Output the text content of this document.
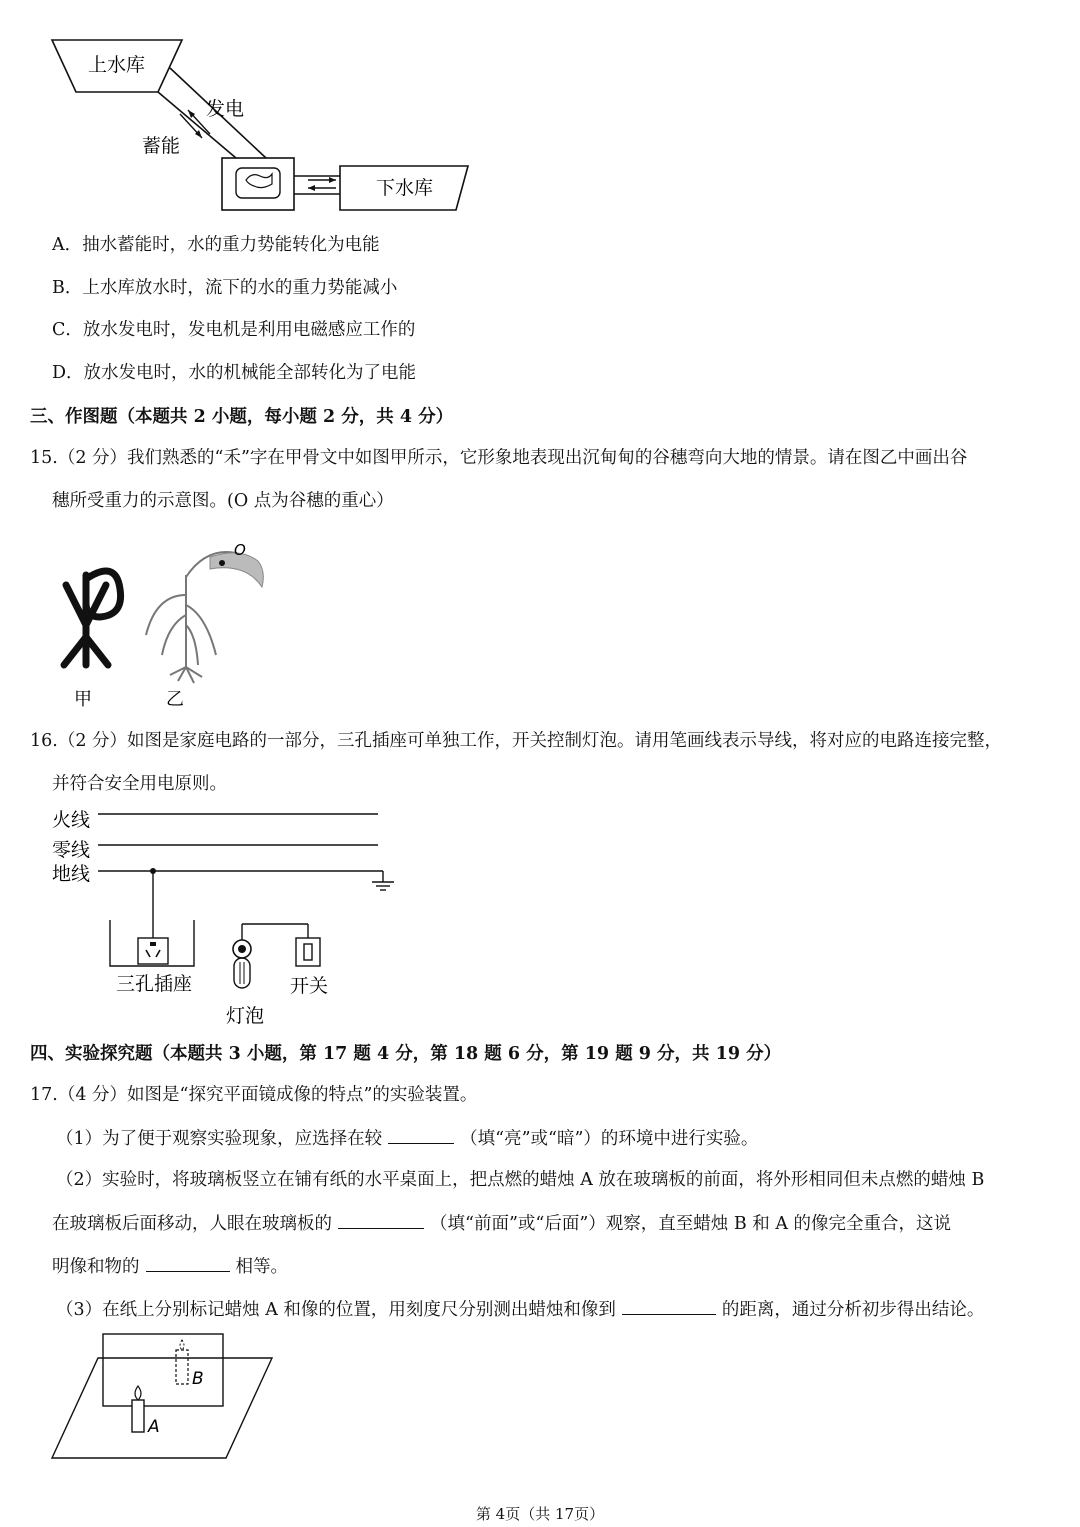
上水库
发电
蓄能
下水库
A．抽水蓄能时，水的重力势能转化为电能
B．上水库放水时，流下的水的重力势能减小
C．放水发电时，发电机是利用电磁感应工作的
D．放水发电时，水的机械能全部转化为了电能
三、作图题（本题共 2 小题，每小题 2 分，共 4 分）
15.（2 分）我们熟悉的“禾”字在甲骨文中如图甲所示，它形象地表现出沉甸甸的谷穗弯向大地的情景。请在图乙中画出谷
穗所受重力的示意图。(O 点为谷穗的重心）
O
甲	乙
16.（2 分）如图是家庭电路的一部分，三孔插座可单独工作，开关控制灯泡。请用笔画线表示导线，将对应的电路连接完整，
并符合安全用电原则。
火线
零线
地线
三孔插座	开关
灯泡
四、实验探究题（本题共 3 小题，第 17 题 4 分，第 18 题 6 分，第 19 题 9 分，共 19 分）
17.（4 分）如图是“探究平面镜成像的特点”的实验装置。
（1）为了便于观察实验现象，应选择在较	（填“亮”或“暗”）的环境中进行实验。
（2）实验时，将玻璃板竖立在铺有纸的水平桌面上，把点燃的蜡烛 A 放在玻璃板的前面，将外形相同但未点燃的蜡烛 B
在玻璃板后面移动，人眼在玻璃板的	（填“前面”或“后面”）观察，直至蜡烛 B 和 A 的像完全重合，这说
明像和物的	相等。
（3）在纸上分别标记蜡烛 A 和像的位置，用刻度尺分别测出蜡烛和像到	的距离，通过分析初步得出结论。
B
A
第 4页（共 17页）
